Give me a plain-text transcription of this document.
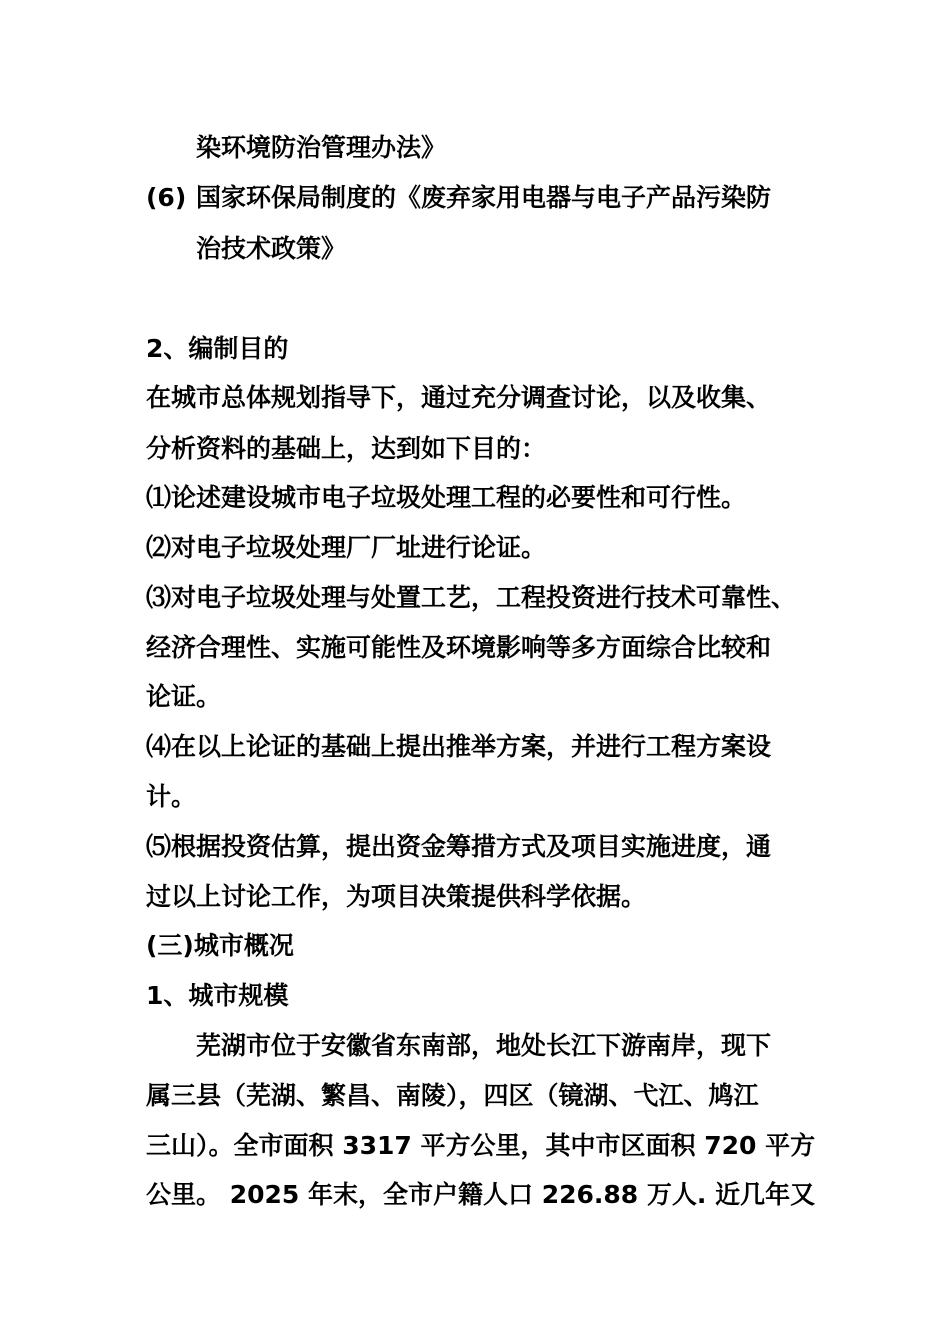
染环境防治管理办法》
(6) 国家环保局制度的《废弃家用电器与电子产品污染防
治技术政策》
2、编制目的
在城市总体规划指导下，通过充分调查讨论，以及收集、
分析资料的基础上，达到如下目的：
⑴论述建设城市电子垃圾处理工程的必要性和可行性。
⑵对电子垃圾处理厂厂址进行论证。
⑶对电子垃圾处理与处置工艺，工程投资进行技术可靠性、
经济合理性、实施可能性及环境影响等多方面综合比较和
论证。
⑷在以上论证的基础上提出推举方案，并进行工程方案设
计。
⑸根据投资估算，提出资金筹措方式及项目实施进度，通
过以上讨论工作，为项目决策提供科学依据。
(三)城市概况
1、城市规模
芜湖市位于安徽省东南部，地处长江下游南岸，现下
属三县（芜湖、繁昌、南陵），四区（镜湖、弋江、鸠江
三山）。全市面积 3317 平方公里，其中市区面积 720 平方
公里。 2025 年末，全市户籍人口 226.88 万人. 近几年又
